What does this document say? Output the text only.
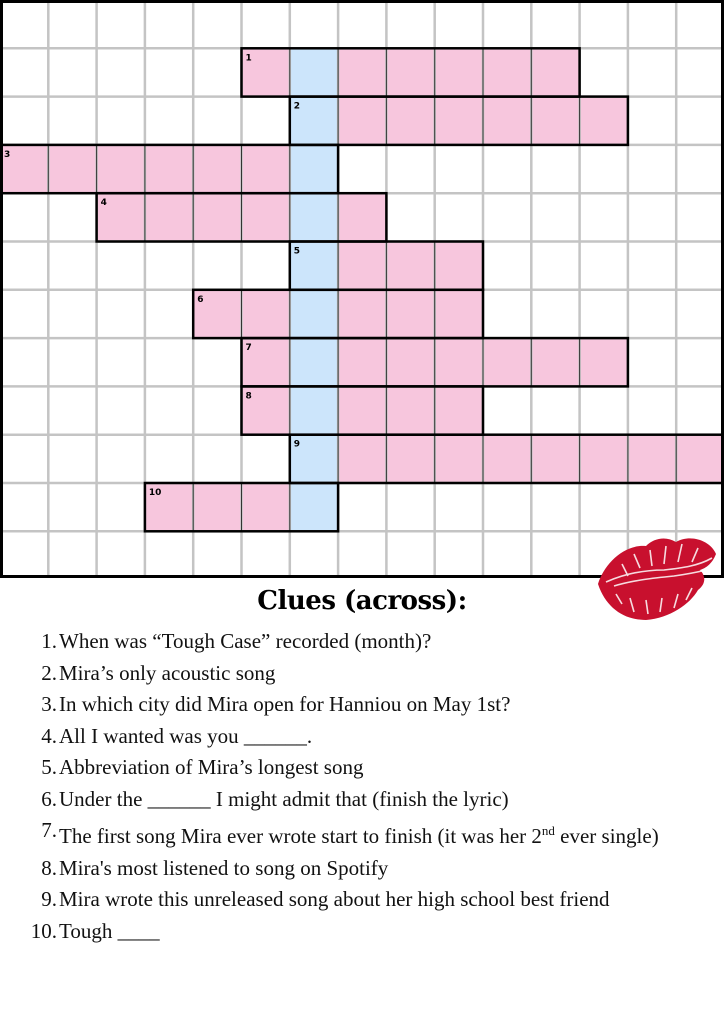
1
2
3
4
5
6
7
8
9
10
Clues (across):
1. When was “Tough Case” recorded (month)?
2. Mira’s only acoustic song
3. In which city did Mira open for Hanniou on May 1st?
4. All I wanted was you ______.
5. Abbreviation of Mira’s longest song
6. Under the ______ I might admit that (finish the lyric)
7. The first song Mira ever wrote start to finish (it was her 2nd ever single)
8. Mira's most listened to song on Spotify
9. Mira wrote this unreleased song about her high school best friend
10. Tough ____
